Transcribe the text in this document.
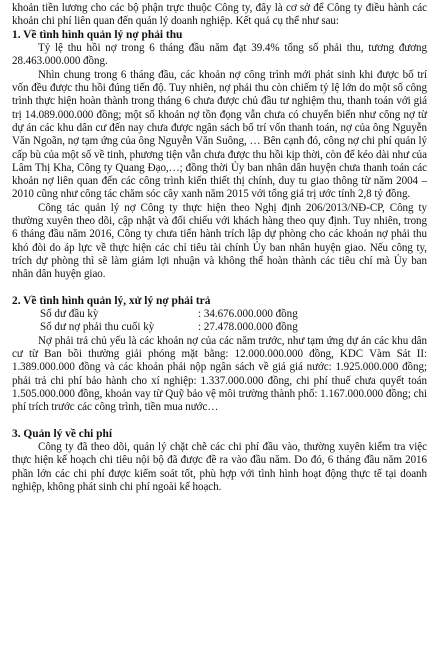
khoản tiền lương cho các bộ phận trực thuộc Công ty, đây là cơ sở để Công ty điều hành các khoản chi phí liên quan đến quản lý doanh nghiệp. Kết quả cụ thể như sau:

1. Về tình hình quản lý nợ phải thu

Tỷ lệ thu hồi nợ trong 6 tháng đầu năm đạt 39.4% tổng số phải thu, tương đương 28.463.000.000 đồng.

Nhìn chung trong 6 tháng đầu, các khoản nợ công trình mới phát sinh khi được bố trí vốn đều được thu hồi đúng tiến độ. Tuy nhiên, nợ phải thu còn chiếm tỷ lệ lớn do một số công trình thực hiện hoàn thành trong tháng 6 chưa được chủ đầu tư nghiệm thu, thanh toán với giá trị 14.089.000.000 đồng; một số khoản nợ tồn đọng vẫn chưa có chuyển biến như công nợ từ dự án các khu dân cư đến nay chưa được ngân sách bố trí vốn thanh toán, nợ của ông Nguyễn Văn Ngoãn, nợ tạm ứng của ông Nguyễn Văn Suông, … Bên cạnh đó, công nợ chi phí quản lý cấp bù của một số về tinh, phương tiện vẫn chưa được thu hồi kịp thời, còn để kéo dài như của Lâm Thị Kha, Công ty Quang Đạo,…; đồng thời Ủy ban nhân dân huyện chưa thanh toán các khoản nợ liên quan đến các công trình kiến thiết thị chính, duy tu giao thông từ năm 2004 – 2010 cũng như công tác chăm sóc cây xanh năm 2015 với tổng giá trị ước tính 2,8 tỷ đồng.

Công tác quản lý nợ Công ty thực hiện theo Nghị định 206/2013/NĐ-CP, Công ty thường xuyên theo dõi, cập nhật và đối chiếu với khách hàng theo quy định. Tuy nhiên, trong 6 tháng đầu năm 2016, Công ty chưa tiến hành trích lập dự phòng cho các khoản nợ phải thu khó đòi do áp lực về thực hiện các chỉ tiêu tài chính Ủy ban nhân huyện giao. Nếu công ty, trích dự phòng thì sẽ làm giảm lợi nhuận và không thể hoàn thành các tiêu chí mà Ủy ban nhân dân huyện giao.

2. Về tình hình quản lý, xử lý nợ phải trả
Số dư đầu kỳ	: 34.676.000.000 đồng
Số dư nợ phải thu cuối kỳ	: 27.478.000.000 đồng

Nợ phải trả chủ yếu là các khoản nợ của các năm trước, như tạm ứng dự án các khu dân cư từ Ban bồi thường giải phóng mặt bằng: 12.000.000.000 đồng, KDC Vàm Sát II: 1.389.000.000 đồng và các khoản phải nộp ngân sách về giá giá nước: 1.925.000.000 đồng; phải trả chi phí bảo hành cho xí nghiệp: 1.337.000.000 đồng, chi phí thuế chưa quyết toán 1.505.000.000 đồng, khoản vay từ Quỹ bảo vệ môi trường thành phố: 1.167.000.000 đồng; chi phí trích trước các công trình, tiền mua nước…

3. Quản lý về chi phí

Công ty đã theo dõi, quản lý chặt chẽ các chi phí đầu vào, thường xuyên kiểm tra việc thực hiện kế hoạch chi tiêu nội bộ đã được đề ra vào đầu năm. Do đó, 6 tháng đầu năm 2016 phần lớn các chi phí được kiểm soát tốt, phù hợp với tình hình hoạt động thực tế tại doanh nghiệp, không phát sinh chi phí ngoài kế hoạch.
